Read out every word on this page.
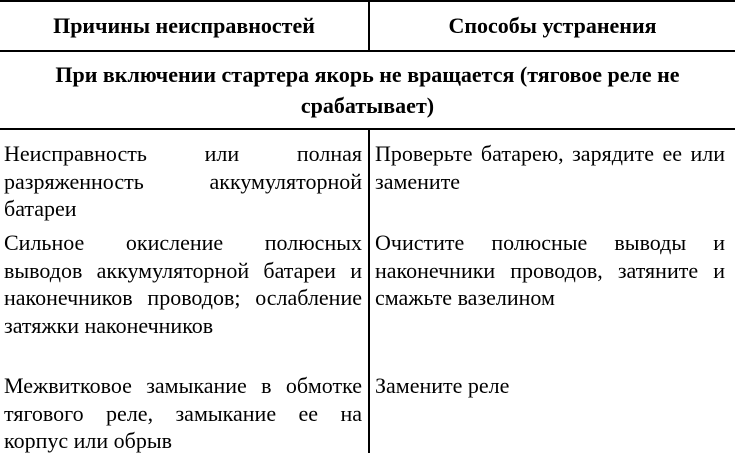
Причины неисправностей	Способы устранения
При включении стартера якорь не вращается (тяговое реле не срабатывает)
Неисправность или полная разряженность аккумуляторной батареи
Проверьте батарею, зарядите ее или замените
Сильное окисление полюсных выводов аккумуляторной батареи и наконечников проводов; ослабление затяжки наконечников
Очистите полюсные выводы и наконечники проводов, затяните и смажьте вазелином
Межвитковое замыкание в обмотке тягового реле, замыкание ее на корпус или обрыв
Замените реле
